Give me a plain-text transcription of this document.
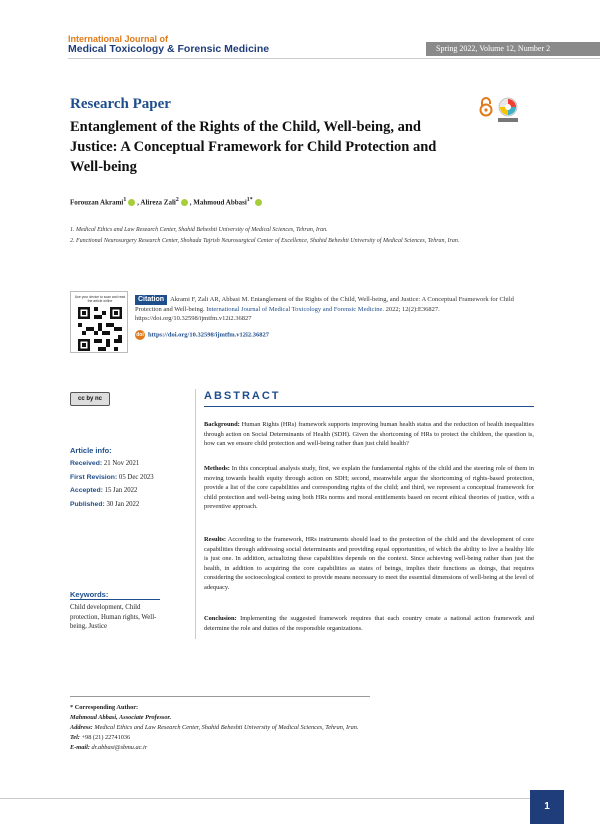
International Journal of
Medical Toxicology & Forensic Medicine	Spring 2022, Volume 12, Number 2
Research Paper
Entanglement of the Rights of the Child, Well-being, and Justice: A Conceptual Framework for Child Protection and Well-being
Forouzan Akrami$^1$ , Alireza Zali$^2$ , Mahmoud Abbasi$^{1*}$
1. Medical Ethics and Law Research Center, Shahid Beheshti University of Medical Sciences, Tehran, Iran.
2. Functional Neurosurgery Research Center, Shohada Tajrish Neurosurgical Center of Excellence, Shahid Beheshti University of Medical Sciences, Tehran, Iran.
Use your device to scan and read the article online	Citation Akrami F, Zali AR, Abbasi M. Entanglement of the Rights of the Child, Well-being, and Justice: A Conceptual Framework for Child Protection and Well-being. International Journal of Medical Toxicology and Forensic Medicine. 2022; 12(2):E36827. https://doi.org/10.32598/ijmtfm.v12i2.36827
doi https://doi.org/10.32598/ijmtfm.v12i2.36827
cc by nc	ABSTRACT
Background: Human Rights (HRs) framework supports improving human health status and the reduction of health inequalities through action on Social Determinants of Health (SDH). Given the shortcoming of HRs to protect the children, the question is, how can we ensure child protection and well-being rather than just child health?
Methods: In this conceptual analysis study, first, we explain the fundamental rights of the child and the steering role of them in moving towards health equity through action on SDH; second, meanwhile argue the shortcoming of rights-based protection, provide a list of the core capabilities and corresponding rights of the child; and third, we represent a conceptual framework for child protection and well-being using both HRs norms and moral entitlements based on recent ethical theories of justice, with a preventive approach.
Results: According to the framework, HRs instruments should lead to the protection of the child and the development of core capabilities through addressing social determinants and providing equal opportunities, of which the ability to live a healthy life is just one. In addition, actualizing these capabilities depends on the context. Since achieving well-being rather than just the health, in addition to acquiring the core capabilities as states of beings, implies their functions as doings, that requires considering the socioecological context to provide means necessary to meet the essential dimensions of well-being at the level of adequacy.
Conclusion: Implementing the suggested framework requires that each country create a national action framework and determine the role and duties of the responsible organizations.
Article info:
Received: 21 Nov 2021
First Revision: 05 Dec 2023
Accepted: 15 Jan 2022
Published: 30 Jan 2022
Keywords:
Child development, Child protection, Human rights, Well-being, Justice
* Corresponding Author:
Mahmoud Abbasi, Associate Professor.
Address: Medical Ethics and Law Research Center, Shahid Beheshti University of Medical Sciences, Tehran, Iran.
Tel: +98 (21) 22741036
E-mail: dr.abbasi@sbmu.ac.ir
1
